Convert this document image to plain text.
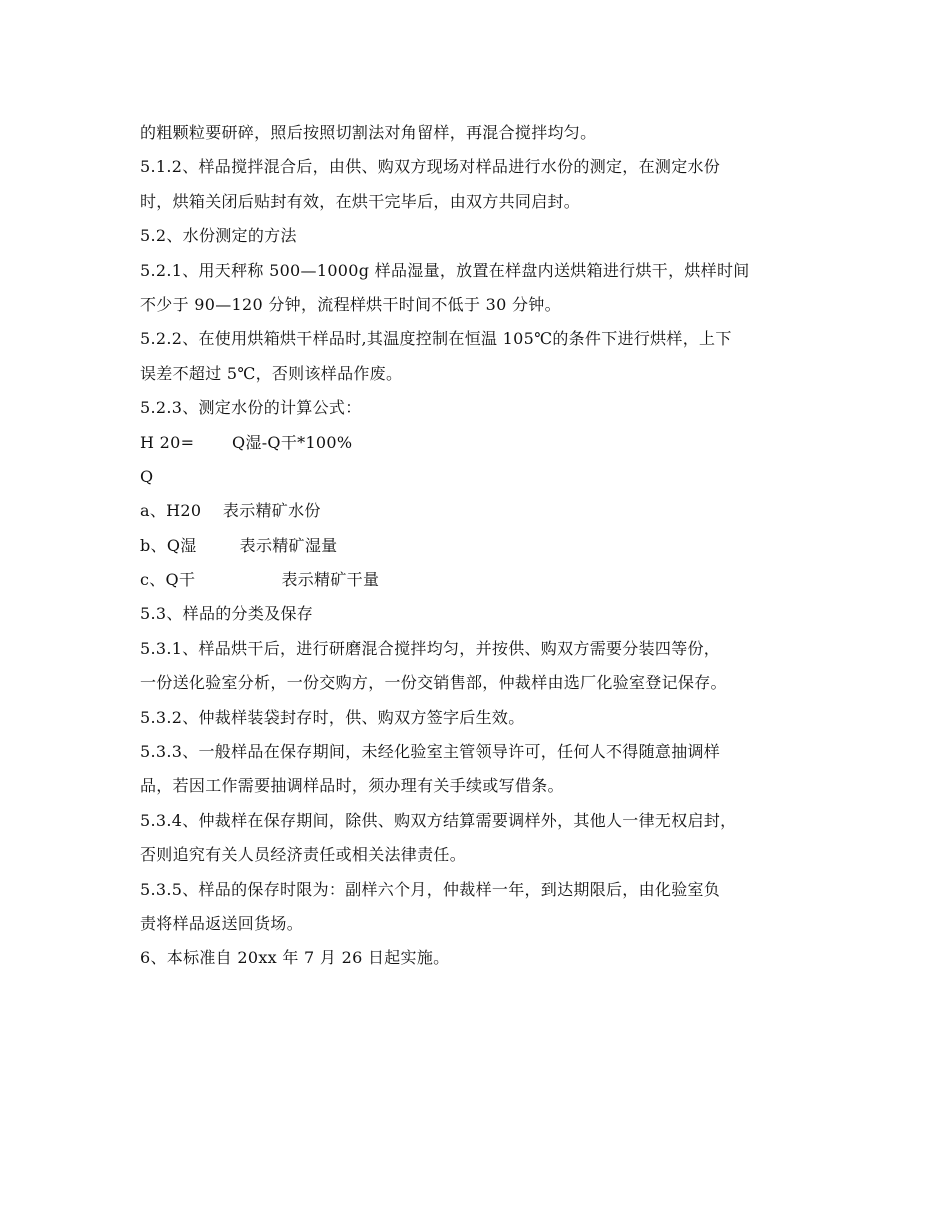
的粗颗粒要研碎，照后按照切割法对角留样，再混合搅拌均匀。
5.1.2、样品搅拌混合后，由供、购双方现场对样品进行水份的测定，在测定水份
时，烘箱关闭后贴封有效，在烘干完毕后，由双方共同启封。
5.2、水份测定的方法
5.2.1、用天秤称 500—1000g 样品湿量，放置在样盘内送烘箱进行烘干，烘样时间
不少于 90—120 分钟，流程样烘干时间不低于 30 分钟。
5.2.2、在使用烘箱烘干样品时,其温度控制在恒温 105℃的条件下进行烘样，上下
误差不超过 5℃，否则该样品作废。
5.2.3、测定水份的计算公式：
H 20=       Q湿-Q干*100%
Q
a、H20    表示精矿水份
b、Q湿        表示精矿湿量
c、Q干                表示精矿干量
5.3、样品的分类及保存
5.3.1、样品烘干后，进行研磨混合搅拌均匀，并按供、购双方需要分装四等份，
一份送化验室分析，一份交购方，一份交销售部，仲裁样由选厂化验室登记保存。
5.3.2、仲裁样装袋封存时，供、购双方签字后生效。
5.3.3、一般样品在保存期间，未经化验室主管领导许可，任何人不得随意抽调样
品，若因工作需要抽调样品时，须办理有关手续或写借条。
5.3.4、仲裁样在保存期间，除供、购双方结算需要调样外，其他人一律无权启封，
否则追究有关人员经济责任或相关法律责任。
5.3.5、样品的保存时限为：副样六个月，仲裁样一年，到达期限后，由化验室负
责将样品返送回货场。
6、本标准自 20xx 年 7 月 26 日起实施。
